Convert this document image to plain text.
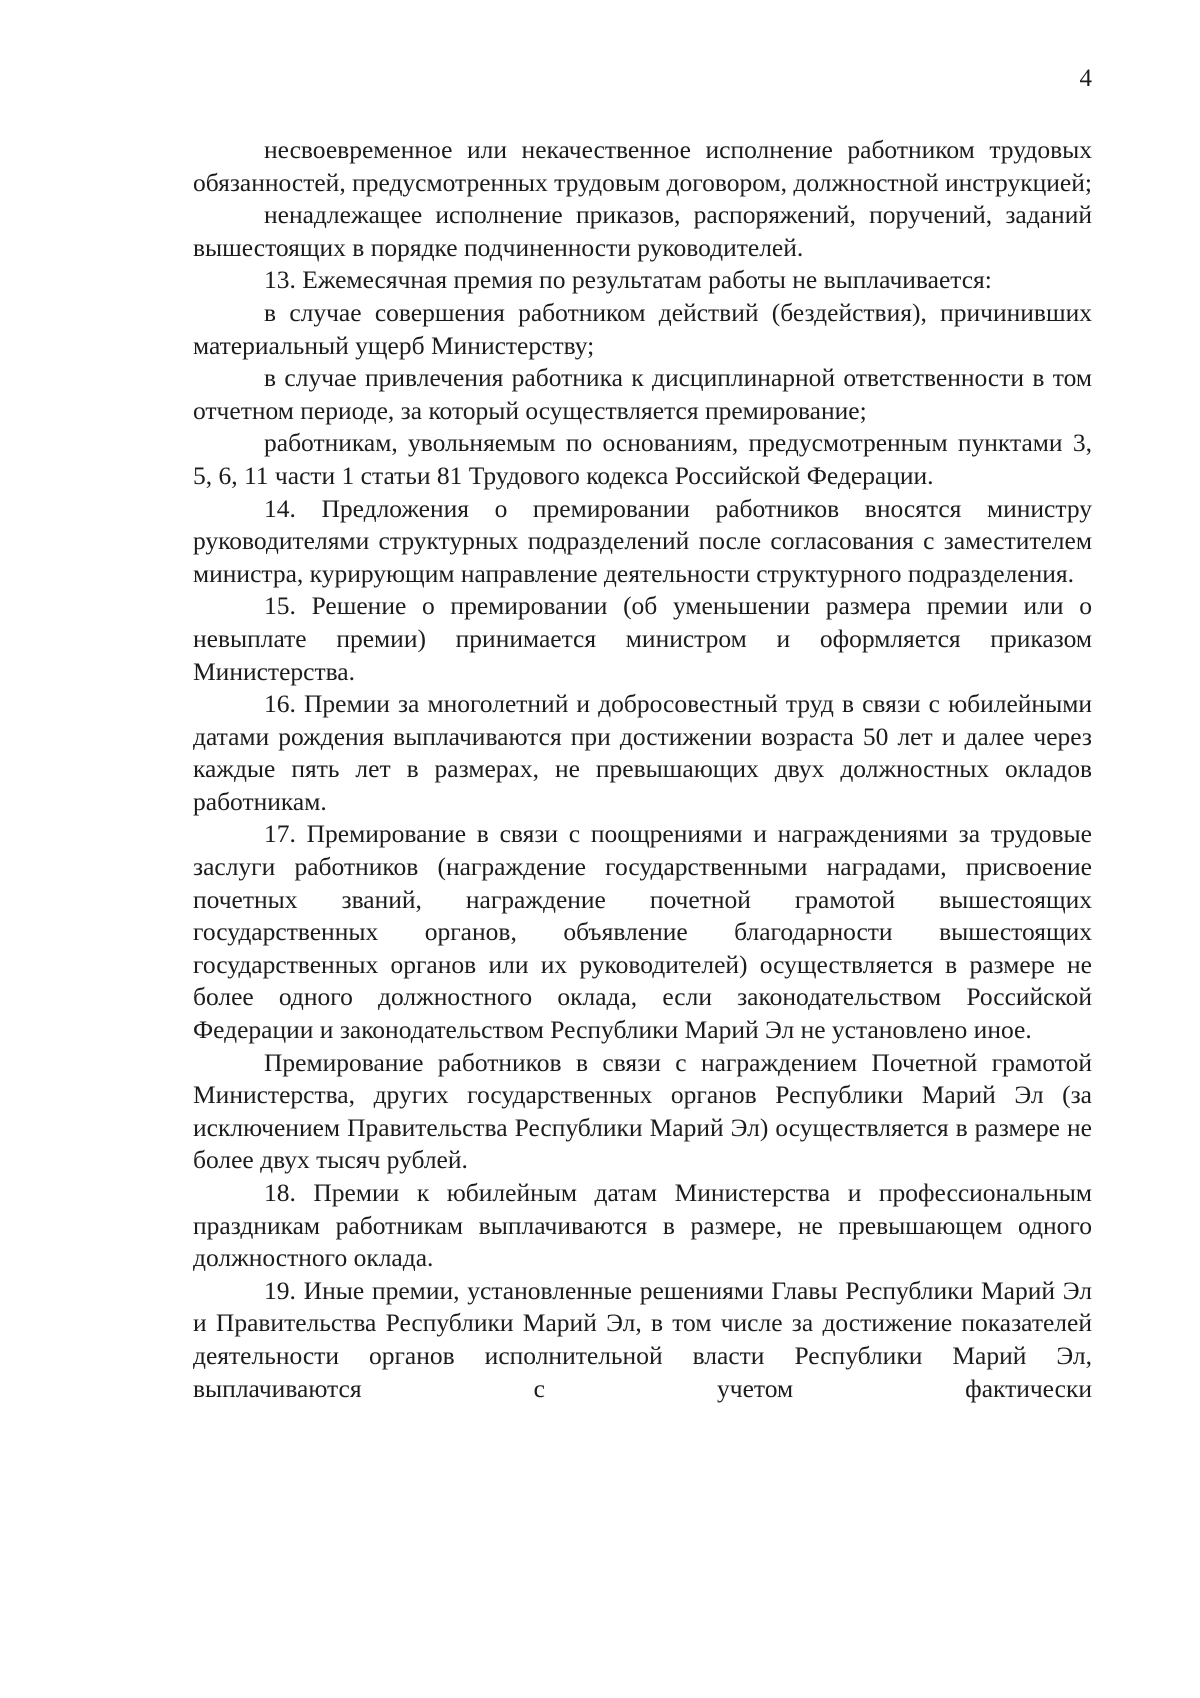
4

несвоевременное или некачественное исполнение работником трудовых обязанностей, предусмотренных трудовым договором, должностной инструкцией;

ненадлежащее исполнение приказов, распоряжений, поручений, заданий вышестоящих в порядке подчиненности руководителей.

13. Ежемесячная премия по результатам работы не выплачивается:

в случае совершения работником действий (бездействия), причинивших материальный ущерб Министерству;

в случае привлечения работника к дисциплинарной ответственности в том отчетном периоде, за который осуществляется премирование;

работникам, увольняемым по основаниям, предусмотренным пунктами 3, 5, 6, 11 части 1 статьи 81 Трудового кодекса Российской Федерации.

14. Предложения о премировании работников вносятся министру руководителями структурных подразделений после согласования с заместителем министра, курирующим направление деятельности структурного подразделения.

15. Решение о премировании (об уменьшении размера премии или о невыплате премии) принимается министром и оформляется приказом Министерства.

16. Премии за многолетний и добросовестный труд в связи с юбилейными датами рождения выплачиваются при достижении возраста 50 лет и далее через каждые пять лет в размерах, не превышающих двух должностных окладов работникам.

17. Премирование в связи с поощрениями и награждениями за трудовые заслуги работников (награждение государственными наградами, присвоение почетных званий, награждение почетной грамотой вышестоящих государственных органов, объявление благодарности вышестоящих государственных органов или их руководителей) осуществляется в размере не более одного должностного оклада, если законодательством Российской Федерации и законодательством Республики Марий Эл не установлено иное.

Премирование работников в связи с награждением Почетной грамотой Министерства, других государственных органов Республики Марий Эл (за исключением Правительства Республики Марий Эл) осуществляется в размере не более двух тысяч рублей.

18. Премии к юбилейным датам Министерства и профессиональным праздникам работникам выплачиваются в размере, не превышающем одного должностного оклада.

19. Иные премии, установленные решениями Главы Республики Марий Эл и Правительства Республики Марий Эл, в том числе за достижение показателей деятельности органов исполнительной власти Республики Марий Эл, выплачиваются с учетом фактически
